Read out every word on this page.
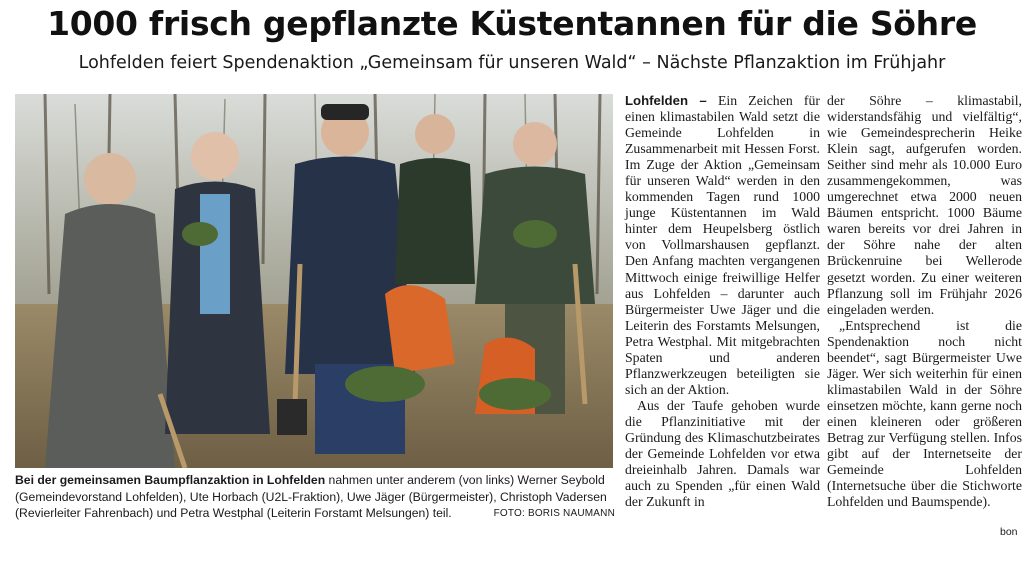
1000 frisch gepflanzte Küstentannen für die Söhre
Lohfelden feiert Spendenaktion „Gemeinsam für unseren Wald“ – Nächste Pflanzaktion im Frühjahr
Bei der gemeinsamen Baumpflanzaktion in Lohfelden nahmen unter anderem (von links) Werner Seybold (Gemeindevorstand Lohfelden), Ute Horbach (U2L-Fraktion), Uwe Jäger (Bürgermeister), Christoph Vadersen (Revierleiter Fahrenbach) und Petra Westphal (Leiterin Forstamt Melsungen) teil.	FOTO: BORIS NAUMANN

Lohfelden – Ein Zeichen für einen klimastabilen Wald setzt die Gemeinde Lohfelden in Zusammenarbeit mit Hessen Forst. Im Zuge der Aktion „Gemeinsam für unseren Wald“ werden in den kommenden Tagen rund 1000 junge Küstentannen im Wald hinter dem Heupelsberg östlich von Vollmarshausen gepflanzt. Den Anfang machten vergangenen Mittwoch einige freiwillige Helfer aus Lohfelden – darunter auch Bürgermeister Uwe Jäger und die Leiterin des Forstamts Melsungen, Petra Westphal. Mit mitgebrachten Spaten und anderen Pflanzwerkzeugen beteiligten sie sich an der Aktion.

Aus der Taufe gehoben wurde die Pflanzinitiative mit der Gründung des Klimaschutzbeirates der Gemeinde Lohfelden vor etwa dreieinhalb Jahren. Damals war auch zu Spenden „für einen Wald der Zukunft in

der Söhre – klimastabil, widerstandsfähig und vielfältig“, wie Gemeindesprecherin Heike Klein sagt, aufgerufen worden. Seither sind mehr als 10.000 Euro zusammengekommen, was umgerechnet etwa 2000 neuen Bäumen entspricht. 1000 Bäume waren bereits vor drei Jahren in der Söhre nahe der alten Brückenruine bei Wellerode gesetzt worden. Zu einer weiteren Pflanzung soll im Frühjahr 2026 eingeladen werden.

„Entsprechend ist die Spendenaktion noch nicht beendet“, sagt Bürgermeister Uwe Jäger. Wer sich weiterhin für einen klimastabilen Wald in der Söhre einsetzen möchte, kann gerne noch einen kleineren oder größeren Betrag zur Verfügung stellen. Infos gibt auf der Internetseite der Gemeinde Lohfelden (Internetsuche über die Stichworte Lohfelden und Baumspende).

bon
